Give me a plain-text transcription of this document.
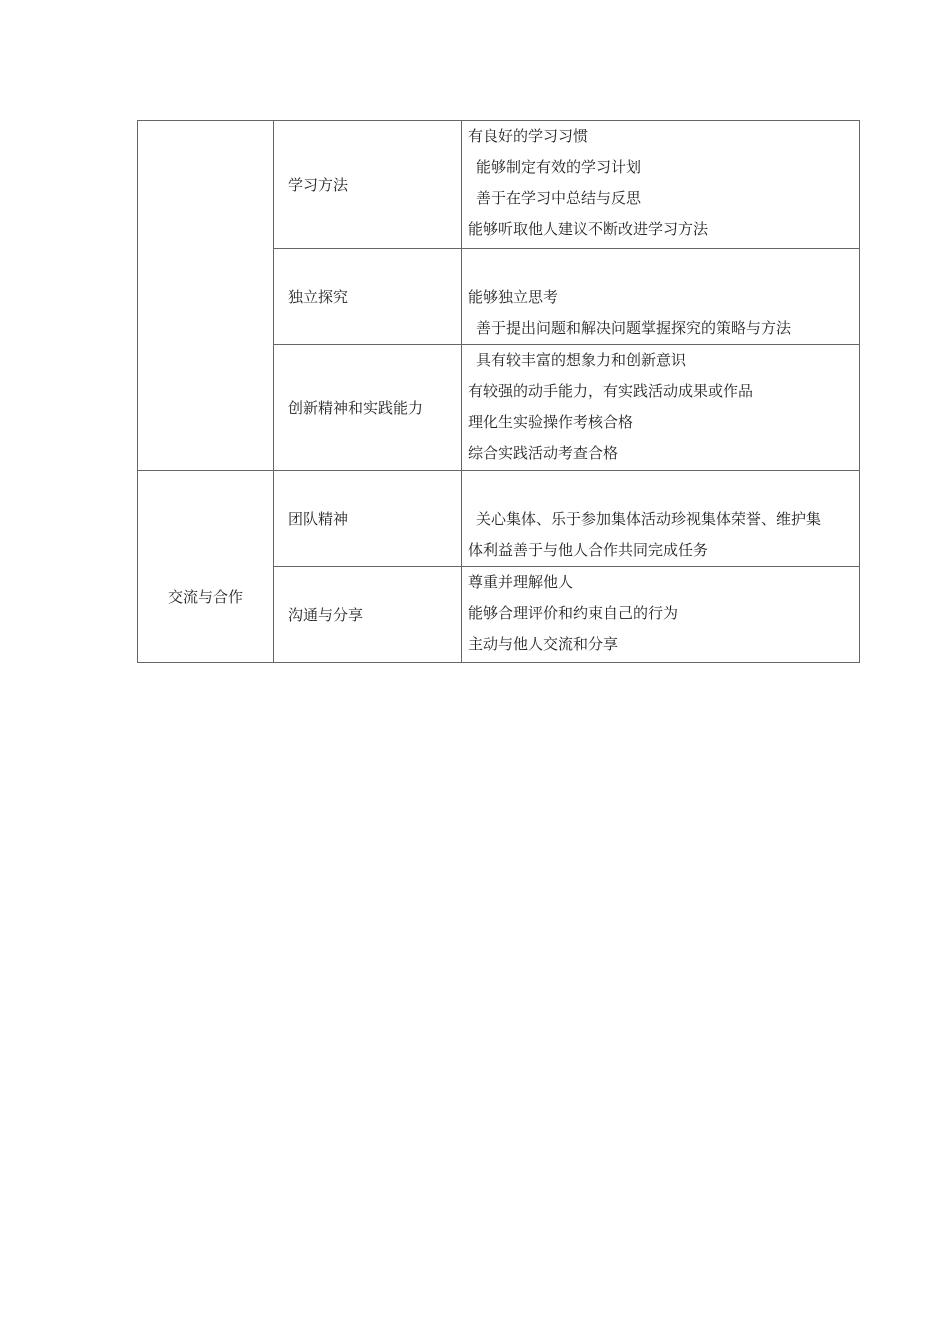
	学习方法	有良好的学习习惯
能够制定有效的学习计划
善于在学习中总结与反思
能够听取他人建议不断改进学习方法

	独立探究	能够独立思考
善于提出问题和解决问题掌握探究的策略与方法

	创新精神和实践能力	具有较丰富的想象力和创新意识
有较强的动手能力，有实践活动成果或作品
理化生实验操作考核合格
综合实践活动考查合格

交流与合作	团队精神	关心集体、乐于参加集体活动珍视集体荣誉、维护集
体利益善于与他人合作共同完成任务

	沟通与分享	尊重并理解他人
能够合理评价和约束自己的行为
主动与他人交流和分享
